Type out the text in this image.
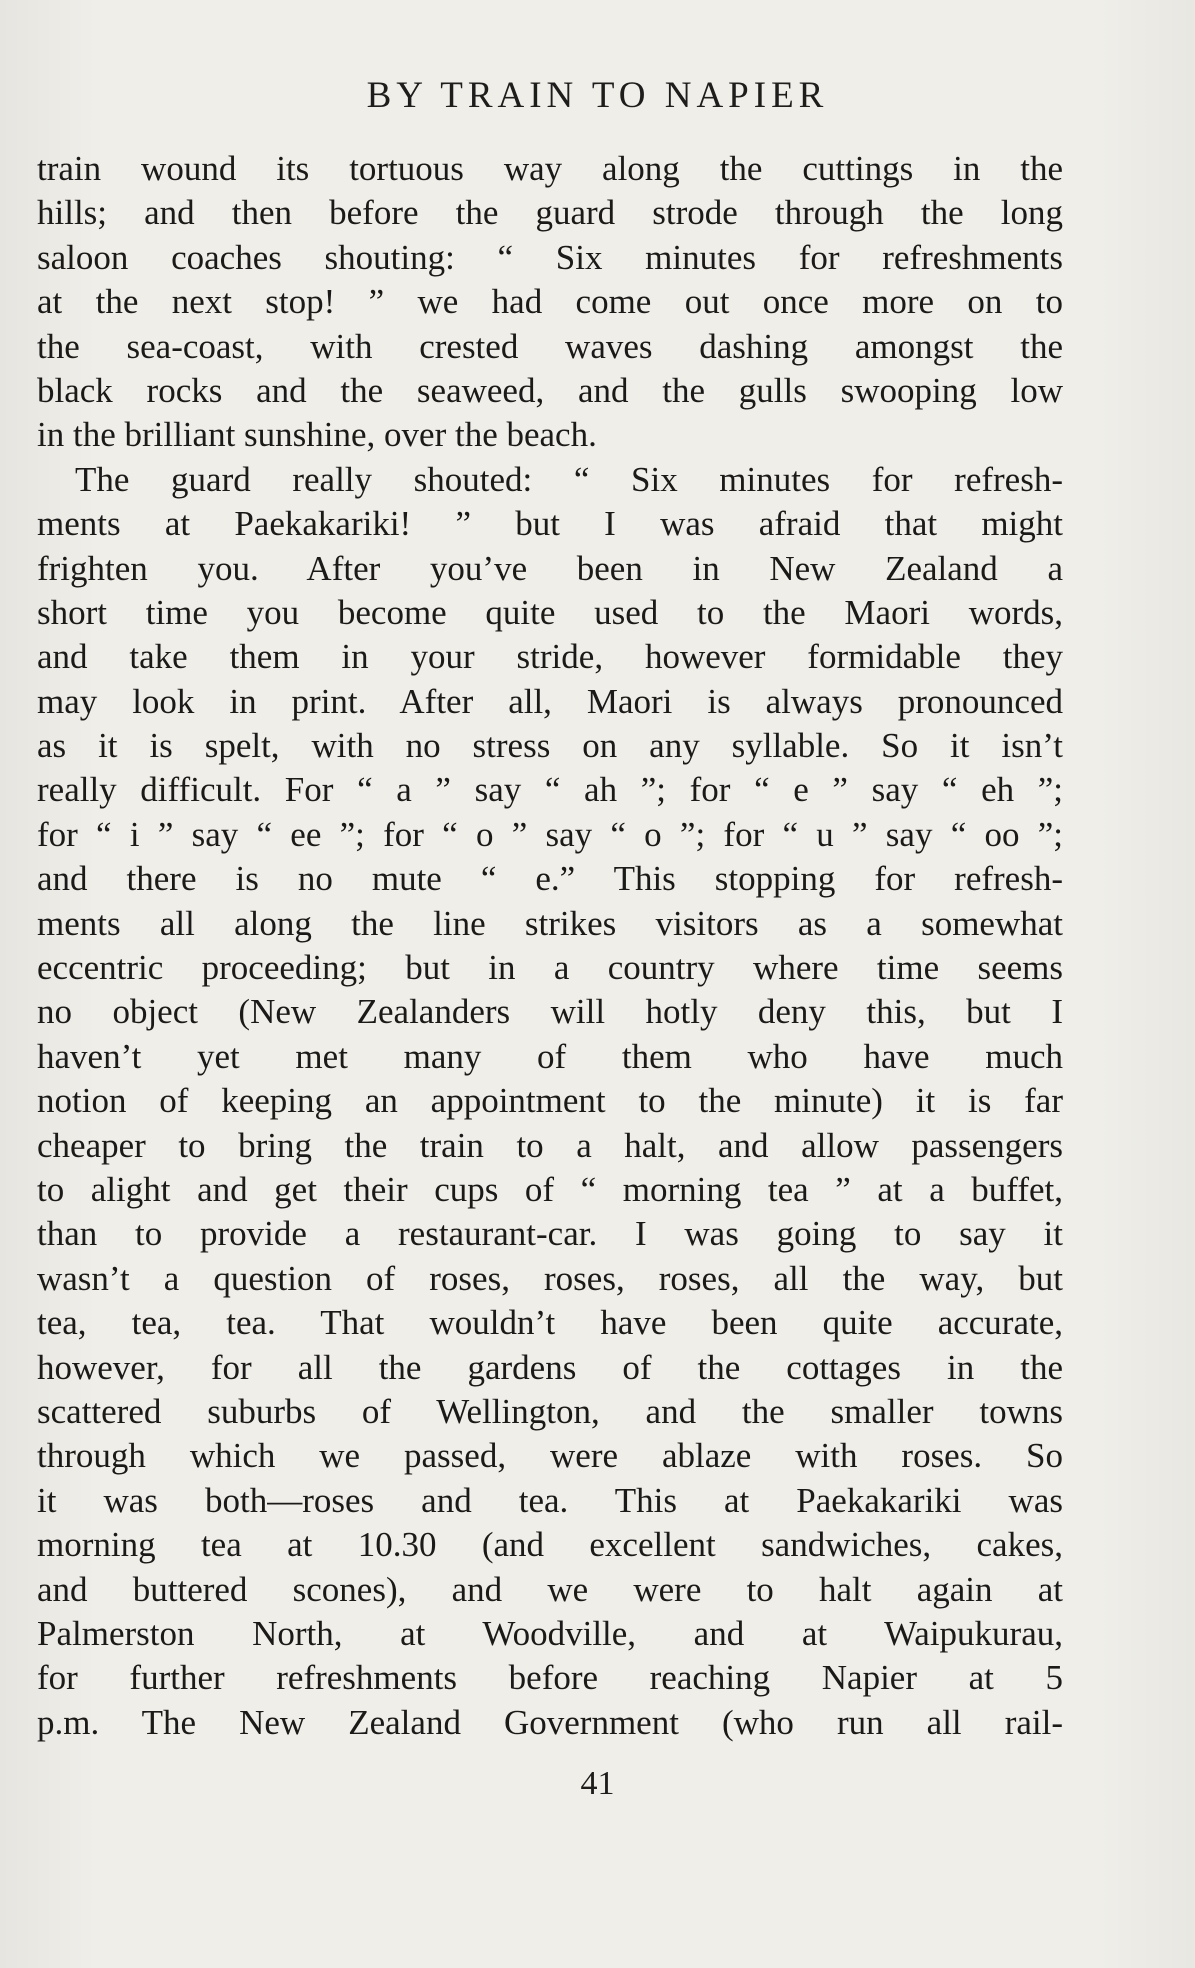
BY TRAIN TO NAPIER
train wound its tortuous way along the cuttings in the
hills; and then before the guard strode through the long
saloon coaches shouting: “ Six minutes for refreshments
at the next stop! ” we had come out once more on to
the sea-coast, with crested waves dashing amongst the
black rocks and the seaweed, and the gulls swooping low
in the brilliant sunshine, over the beach.
The guard really shouted: “ Six minutes for refresh-
ments at Paekakariki! ” but I was afraid that might
frighten you. After you’ve been in New Zealand a
short time you become quite used to the Maori words,
and take them in your stride, however formidable they
may look in print. After all, Maori is always pronounced
as it is spelt, with no stress on any syllable. So it isn’t
really difficult. For “ a ” say “ ah ”; for “ e ” say “ eh ”;
for “ i ” say “ ee ”; for “ o ” say “ o ”; for “ u ” say “ oo ”;
and there is no mute “ e.” This stopping for refresh-
ments all along the line strikes visitors as a somewhat
eccentric proceeding; but in a country where time seems
no object (New Zealanders will hotly deny this, but I
haven’t yet met many of them who have much
notion of keeping an appointment to the minute) it is far
cheaper to bring the train to a halt, and allow passengers
to alight and get their cups of “ morning tea ” at a buffet,
than to provide a restaurant-car. I was going to say it
wasn’t a question of roses, roses, roses, all the way, but
tea, tea, tea. That wouldn’t have been quite accurate,
however, for all the gardens of the cottages in the
scattered suburbs of Wellington, and the smaller towns
through which we passed, were ablaze with roses. So
it was both—roses and tea. This at Paekakariki was
morning tea at 10.30 (and excellent sandwiches, cakes,
and buttered scones), and we were to halt again at
Palmerston North, at Woodville, and at Waipukurau,
for further refreshments before reaching Napier at 5
p.m. The New Zealand Government (who run all rail-
41
